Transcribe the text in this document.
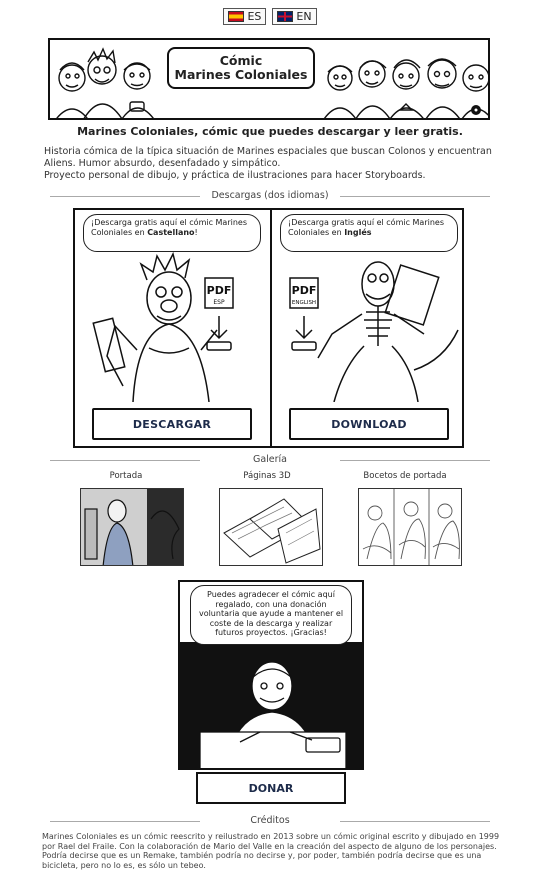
ES	EN
Cómic
Marines Coloniales
Marines Coloniales, cómic que puedes descargar y leer gratis.
Historia cómica de la típica situación de Marines espaciales que buscan Colonos y encuentran Aliens. Humor absurdo, desenfadado y simpático.
Proyecto personal de dibujo, y práctica de ilustraciones para hacer Storyboards.
Descargas (dos idiomas)
¡Descarga gratis aquí el cómic Marines Coloniales en Castellano!
PDF
ESP
DESCARGAR
¡Descarga gratis aquí el cómic Marines Coloniales en Inglés
PDF
ENGLISH
DOWNLOAD
Galería
Portada	Páginas 3D	Bocetos de portada
Puedes agradecer el cómic aquí regalado, con una donación voluntaria que ayude a mantener el coste de la descarga y realizar futuros proyectos. ¡Gracias!
DONAR
Créditos
Marines Coloniales es un cómic reescrito y reilustrado en 2013 sobre un cómic original escrito y dibujado en 1999 por Rael del Fraile. Con la colaboración de Mario del Valle en la creación del aspecto de alguno de los personajes. Podría decirse que es un Remake, también podría no decirse y, por poder, también podría decirse que es una bicicleta, pero no lo es, es sólo un tebeo.
